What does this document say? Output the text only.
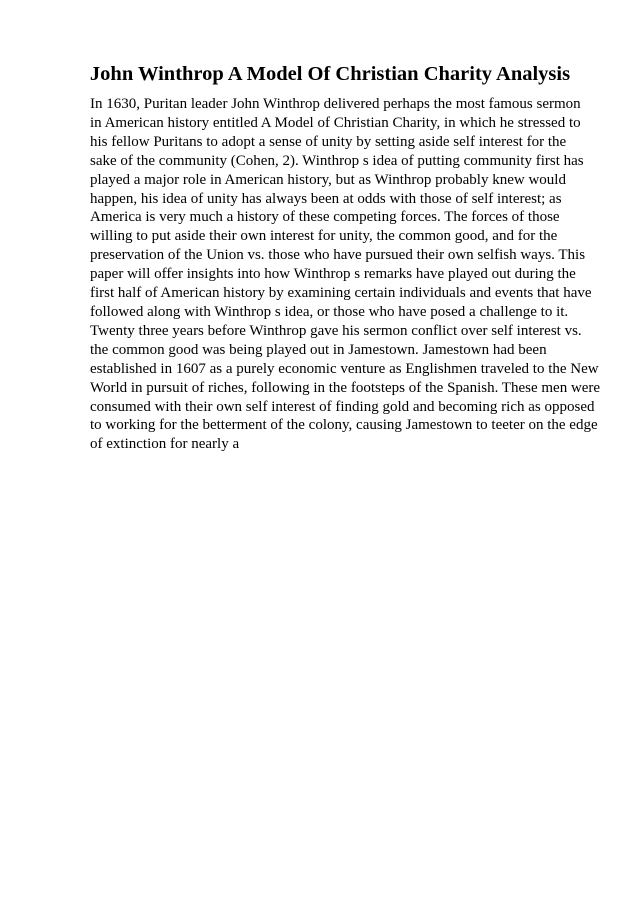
John Winthrop A Model Of Christian Charity Analysis
In 1630, Puritan leader John Winthrop delivered perhaps the most famous sermon
in American history entitled A Model of Christian Charity, in which he stressed to
his fellow Puritans to adopt a sense of unity by setting aside self interest for the
sake of the community (Cohen, 2). Winthrop s idea of putting community first has
played a major role in American history, but as Winthrop probably knew would
happen, his idea of unity has always been at odds with those of self interest; as
America is very much a history of these competing forces. The forces of those
willing to put aside their own interest for unity, the common good, and for the
preservation of the Union vs. those who have pursued their own selfish ways. This
paper will offer insights into how Winthrop s remarks have played out during the
first half of American history by examining certain individuals and events that have
followed along with Winthrop s idea, or those who have posed a challenge to it.
Twenty three years before Winthrop gave his sermon conflict over self interest vs.
the common good was being played out in Jamestown. Jamestown had been
established in 1607 as a purely economic venture as Englishmen traveled to the New
World in pursuit of riches, following in the footsteps of the Spanish. These men were
consumed with their own self interest of finding gold and becoming rich as opposed
to working for the betterment of the colony, causing Jamestown to teeter on the edge
of extinction for nearly a
